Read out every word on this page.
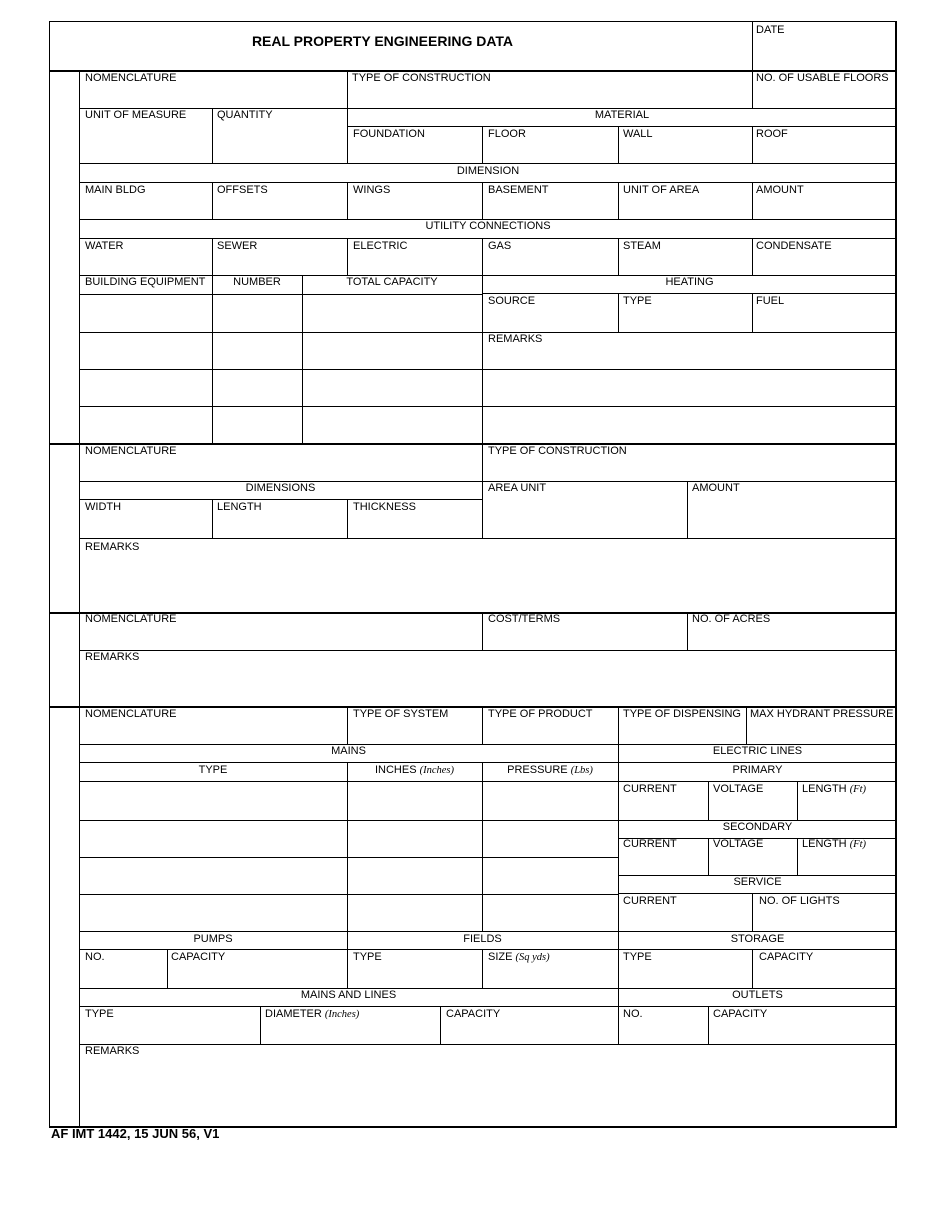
REAL PROPERTY ENGINEERING DATA
DATE
NOMENCLATURE	TYPE OF CONSTRUCTION	NO. OF USABLE FLOORS
UNIT OF MEASURE	QUANTITY	MATERIAL
FOUNDATION	FLOOR	WALL	ROOF
DIMENSION
MAIN BLDG	OFFSETS	WINGS	BASEMENT	UNIT OF AREA	AMOUNT
UTILITY CONNECTIONS
WATER	SEWER	ELECTRIC	GAS	STEAM	CONDENSATE
BUILDING EQUIPMENT	NUMBER	TOTAL CAPACITY	HEATING
SOURCE	TYPE	FUEL
REMARKS
NOMENCLATURE	TYPE OF CONSTRUCTION
DIMENSIONS	AREA UNIT	AMOUNT
WIDTH	LENGTH	THICKNESS
REMARKS
NOMENCLATURE	COST/TERMS	NO. OF ACRES
REMARKS
NOMENCLATURE	TYPE OF SYSTEM	TYPE OF PRODUCT	TYPE OF DISPENSING MAX HYDRANT PRESSURE
MAINS	ELECTRIC LINES
TYPE	INCHES (Inches)	PRESSURE (Lbs)	PRIMARY
CURRENT	VOLTAGE	LENGTH (Ft)
SECONDARY
CURRENT	VOLTAGE	LENGTH (Ft)
SERVICE
CURRENT	NO. OF LIGHTS
PUMPS	FIELDS	STORAGE
NO.	CAPACITY	TYPE	SIZE (Sq yds)	TYPE	CAPACITY
MAINS AND LINES	OUTLETS
TYPE	DIAMETER (Inches)	CAPACITY	NO.	CAPACITY
REMARKS
AF IMT 1442, 15 JUN 56, V1
